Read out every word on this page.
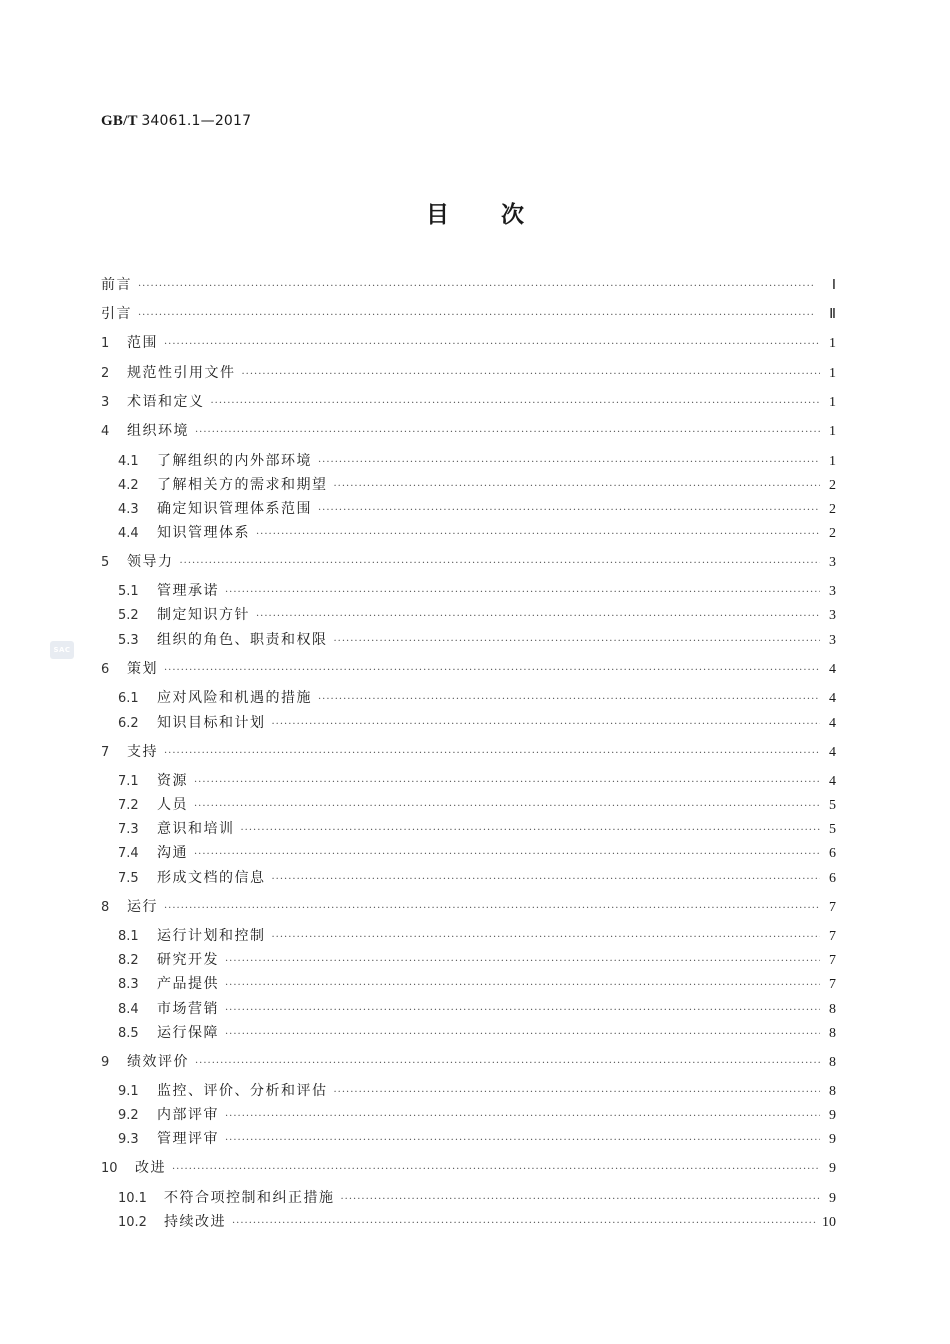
GB/T 34061.1—2017
目次
SAC
前言 ·····	Ⅰ
引言 ·····	Ⅱ
1	范围 ·····	1
2	规范性引用文件 ·····	1
3	术语和定义 ·····	1
4	组织环境 ·····	1
4.1	了解组织的内外部环境 ·····	1
4.2	了解相关方的需求和期望 ·····	2
4.3	确定知识管理体系范围 ·····	2
4.4	知识管理体系 ·····	2
5	领导力 ·····	3
5.1	管理承诺 ·····	3
5.2	制定知识方针 ·····	3
5.3	组织的角色、职责和权限 ·····	3
6	策划 ·····	4
6.1	应对风险和机遇的措施 ·····	4
6.2	知识目标和计划 ·····	4
7	支持 ·····	4
7.1	资源 ·····	4
7.2	人员 ·····	5
7.3	意识和培训 ·····	5
7.4	沟通 ·····	6
7.5	形成文档的信息 ·····	6
8	运行 ·····	7
8.1	运行计划和控制 ·····	7
8.2	研究开发 ·····	7
8.3	产品提供 ·····	7
8.4	市场营销 ·····	8
8.5	运行保障 ·····	8
9	绩效评价 ·····	8
9.1	监控、评价、分析和评估 ·····	8
9.2	内部评审 ·····	9
9.3	管理评审 ·····	9
10	改进 ·····	9
10.1	不符合项控制和纠正措施 ·····	9
10.2	持续改进 ·····	10
